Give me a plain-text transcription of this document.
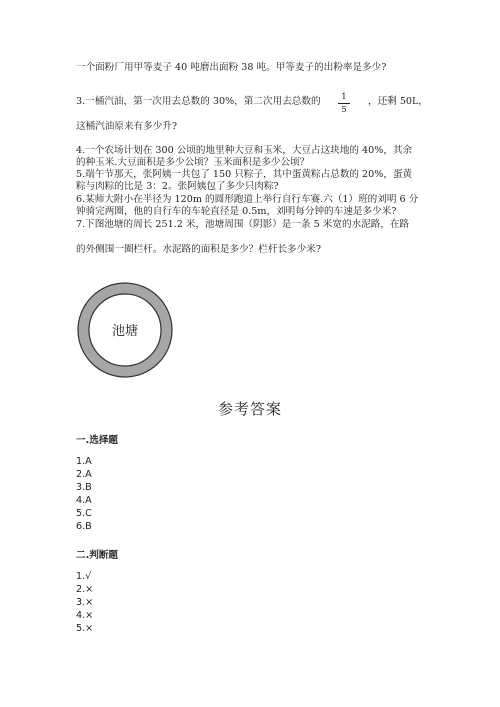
一个面粉厂用甲等麦子 40 吨磨出面粉 38 吨。甲等麦子的出粉率是多少?
3.一桶汽油，第一次用去总数的 30%，第二次用去总数的	1
5
，还剩 50L，
这桶汽油原来有多少升?
4.一个农场计划在 300 公顷的地里种大豆和玉米，大豆占这块地的 40%，其余
的种玉米.大豆面积是多少公顷？玉米面积是多少公顷？
5.端午节那天，张阿姨一共包了 150 只粽子，其中蛋黄粽占总数的 20%，蛋黄
粽与肉粽的比是 3：2。张阿姨包了多少只肉粽?
6.某师大附小在半径为 120m 的圆形跑道上举行自行车赛.六（1）班的刘明 6 分
钟骑完两圈，他的自行车的车轮直径是 0.5m，刘明每分钟的车速是多少米?
7.下图池塘的周长 251.2 米，池塘周围（阴影）是一条 5 米宽的水泥路，在路
的外侧围一圈栏杆。水泥路的面积是多少？栏杆长多少米?
池塘
参考答案
一.选择题
1.A
2.A
3.B
4.A
5.C
6.B
二.判断题
1.√
2.×
3.×
4.×
5.×
